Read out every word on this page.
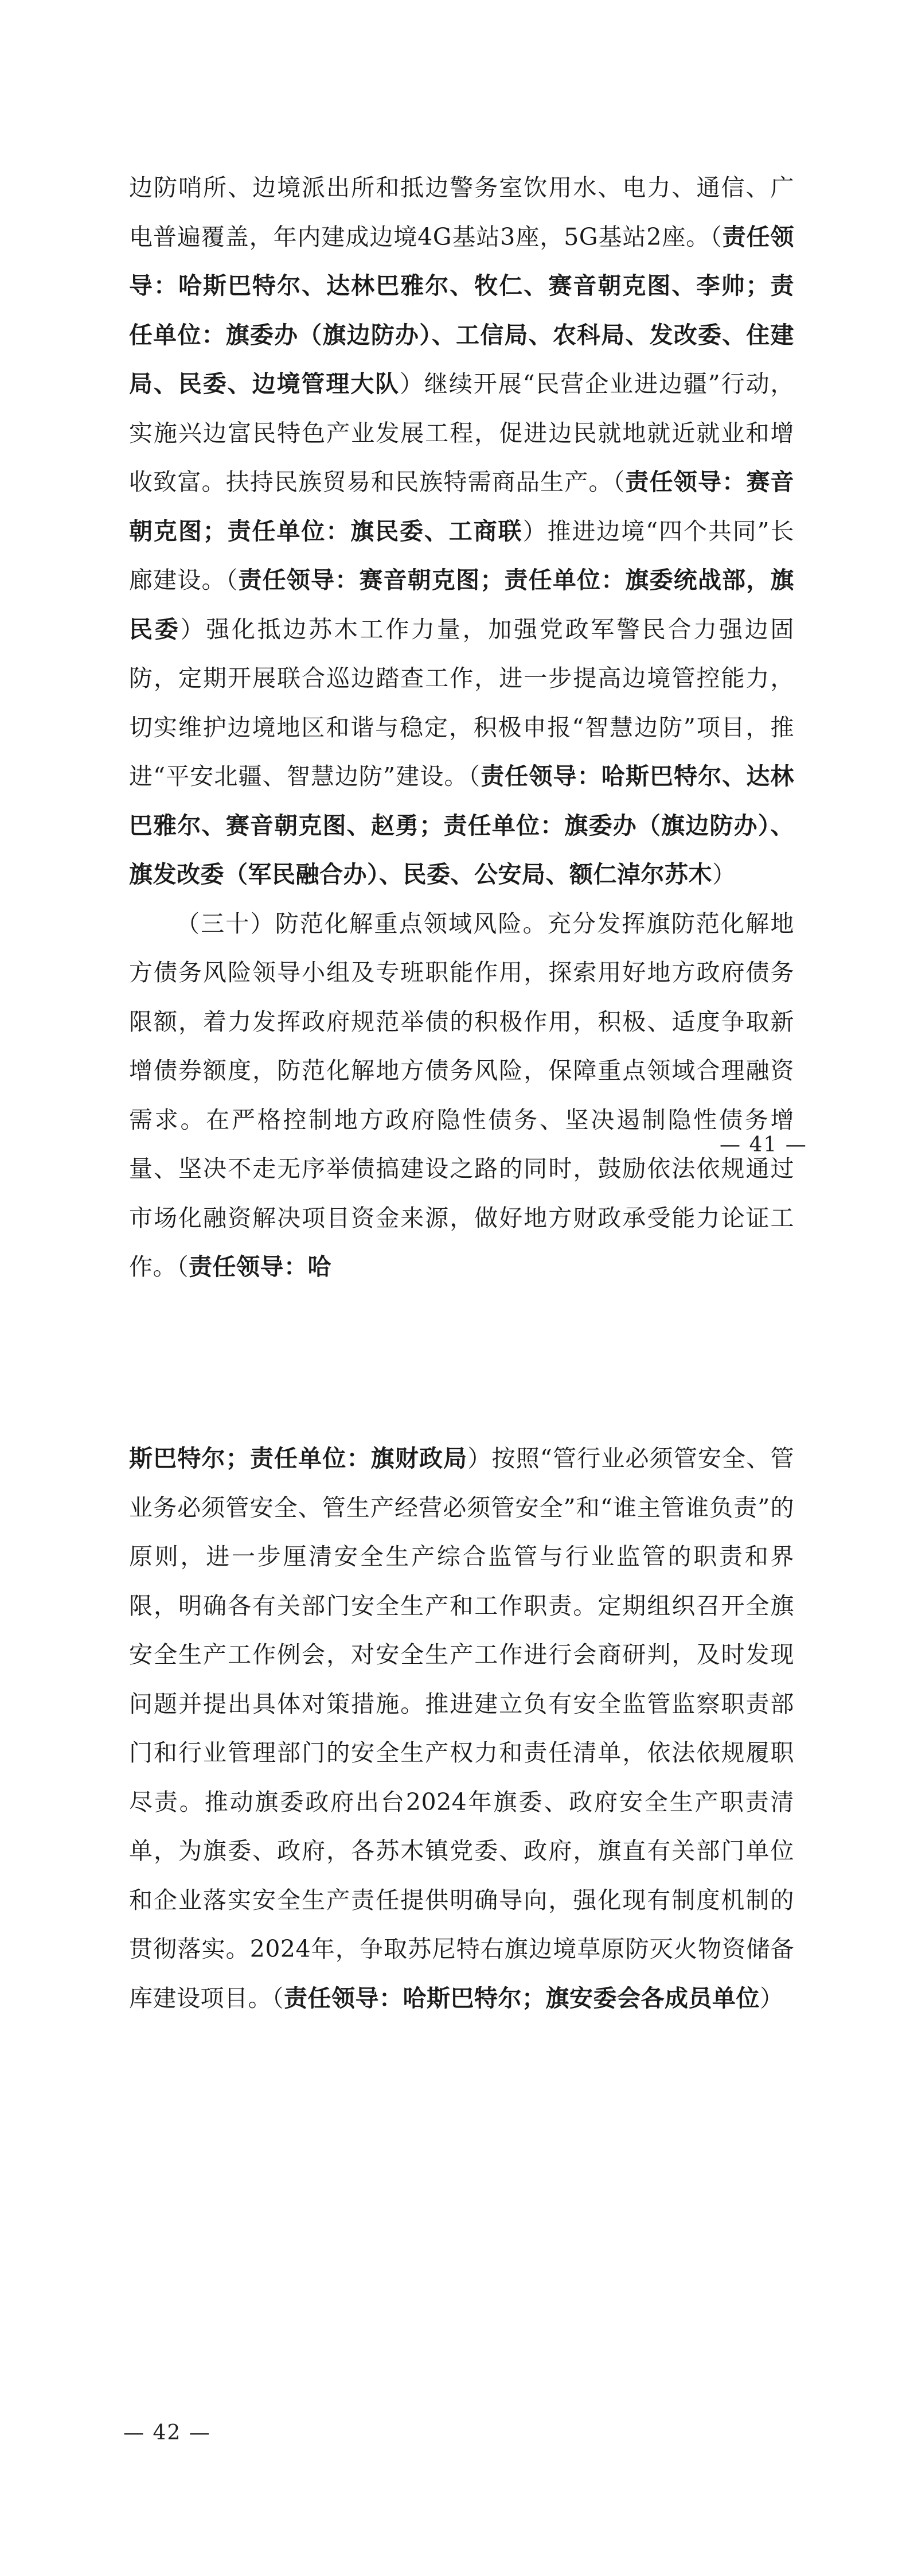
边防哨所、边境派出所和抵边警务室饮用水、电力、通信、广电普遍覆盖，年内建成边境4G基站3座，5G基站2座。（责任领导：哈斯巴特尔、达林巴雅尔、牧仁、赛音朝克图、李帅；责任单位：旗委办（旗边防办）、工信局、农科局、发改委、住建局、民委、边境管理大队）继续开展“民营企业进边疆”行动，实施兴边富民特色产业发展工程，促进边民就地就近就业和增收致富。扶持民族贸易和民族特需商品生产。（责任领导：赛音朝克图；责任单位：旗民委、工商联）推进边境“四个共同”长廊建设。（责任领导：赛音朝克图；责任单位：旗委统战部，旗民委）强化抵边苏木工作力量，加强党政军警民合力强边固防，定期开展联合巡边踏查工作，进一步提高边境管控能力，切实维护边境地区和谐与稳定，积极申报“智慧边防”项目，推进“平安北疆、智慧边防”建设。（责任领导：哈斯巴特尔、达林巴雅尔、赛音朝克图、赵勇；责任单位：旗委办（旗边防办）、旗发改委（军民融合办）、民委、公安局、额仁淖尔苏木）

（三十）防范化解重点领域风险。充分发挥旗防范化解地方债务风险领导小组及专班职能作用，探索用好地方政府债务限额，着力发挥政府规范举债的积极作用，积极、适度争取新增债券额度，防范化解地方债务风险，保障重点领域合理融资需求。在严格控制地方政府隐性债务、坚决遏制隐性债务增量、坚决不走无序举债搞建设之路的同时，鼓励依法依规通过市场化融资解决项目资金来源，做好地方财政承受能力论证工作。（责任领导：哈

— 41 —

斯巴特尔；责任单位：旗财政局）按照“管行业必须管安全、管业务必须管安全、管生产经营必须管安全”和“谁主管谁负责”的原则，进一步厘清安全生产综合监管与行业监管的职责和界限，明确各有关部门安全生产和工作职责。定期组织召开全旗安全生产工作例会，对安全生产工作进行会商研判，及时发现问题并提出具体对策措施。推进建立负有安全监管监察职责部门和行业管理部门的安全生产权力和责任清单，依法依规履职尽责。推动旗委政府出台2024年旗委、政府安全生产职责清单，为旗委、政府，各苏木镇党委、政府，旗直有关部门单位和企业落实安全生产责任提供明确导向，强化现有制度机制的贯彻落实。2024年，争取苏尼特右旗边境草原防灭火物资储备库建设项目。（责任领导：哈斯巴特尔；旗安委会各成员单位）

— 42 —
